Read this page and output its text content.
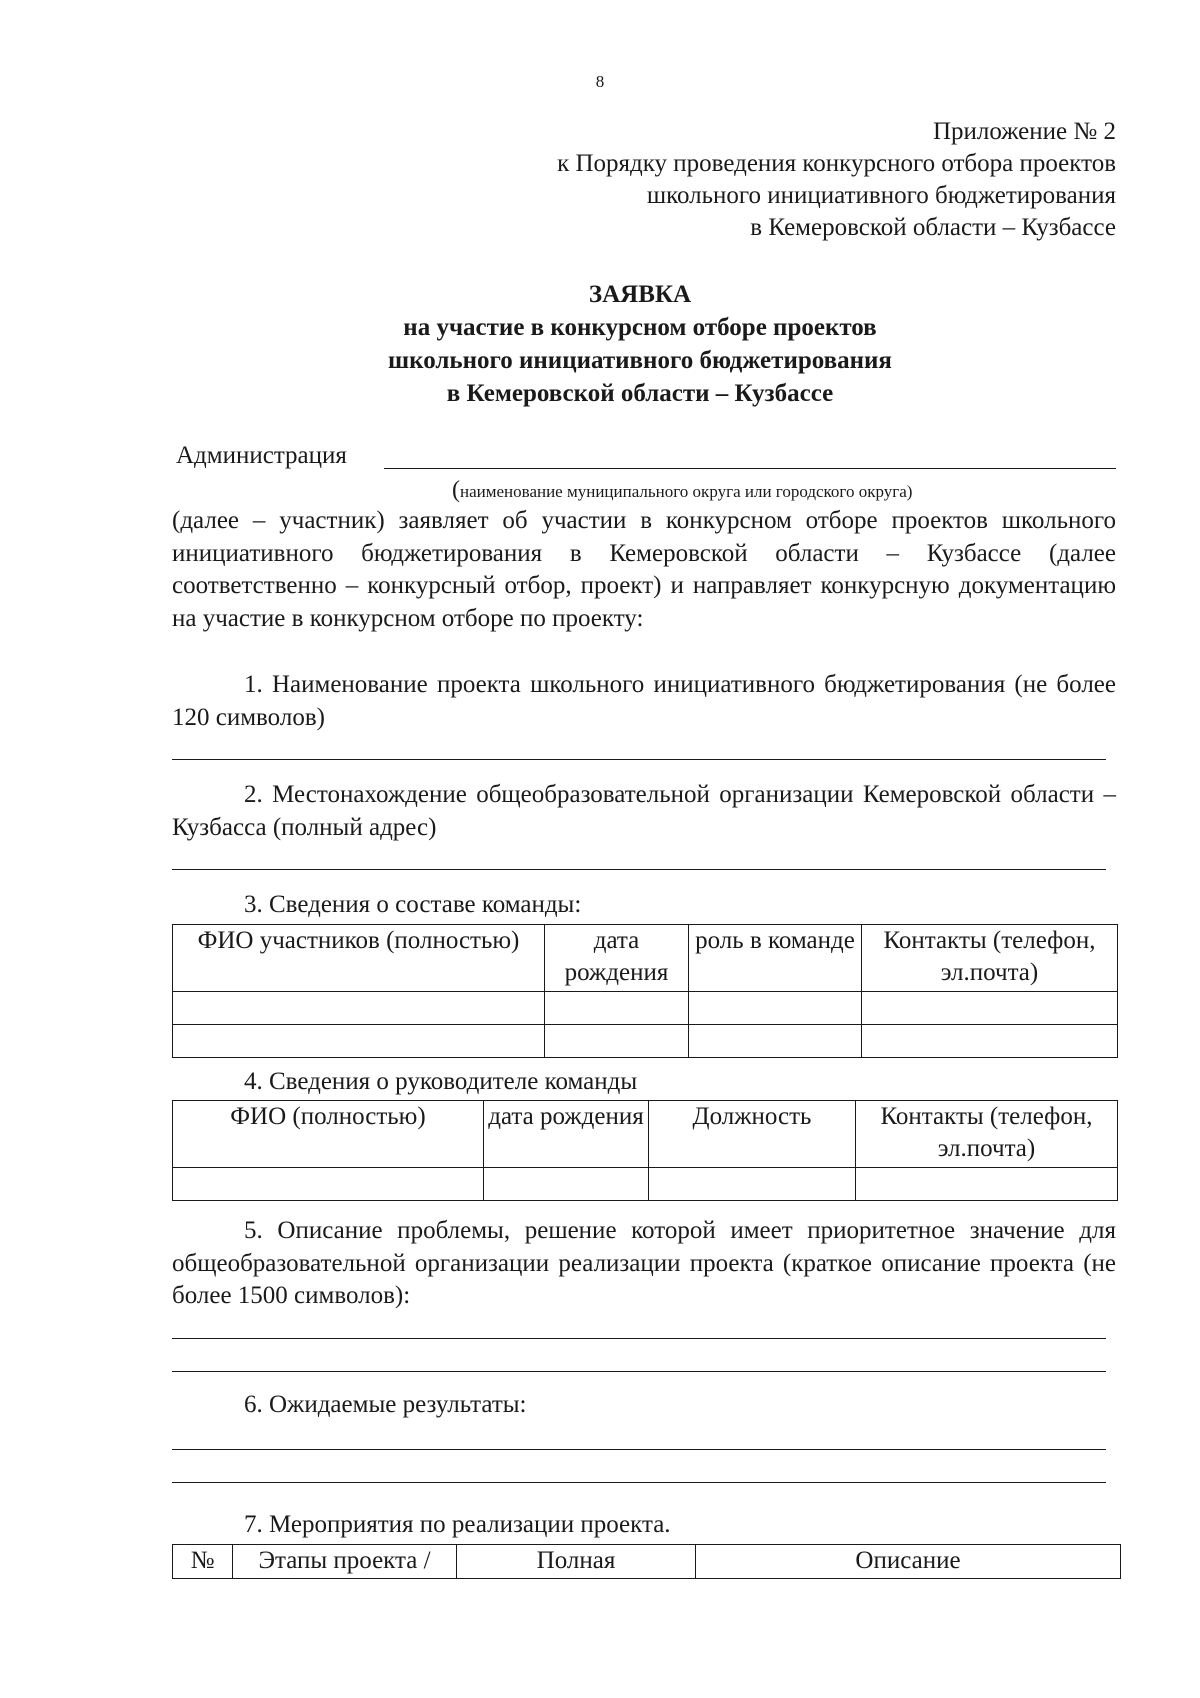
8
Приложение № 2
к Порядку проведения конкурсного отбора проектов
школьного инициативного бюджетирования
в Кемеровской области – Кузбассе
ЗАЯВКА
на участие в конкурсном отборе проектов
школьного инициативного бюджетирования
в Кемеровской области – Кузбассе
Администрация
(наименование муниципального округа или городского округа)
(далее – участник) заявляет об участии в конкурсном отборе проектов школьного инициативного бюджетирования в Кемеровской области – Кузбассе (далее соответственно – конкурсный отбор, проект) и направляет конкурсную документацию на участие в конкурсном отборе по проекту:
1. Наименование проекта школьного инициативного бюджетирования (не более 120 символов)
2. Местонахождение общеобразовательной организации Кемеровской области – Кузбасса (полный адрес)
3. Сведения о составе команды:
ФИО участников (полностью)	дата рождения	роль в команде	Контакты (телефон, эл.почта)

4. Сведения о руководителе команды
ФИО (полностью)	дата рождения	Должность	Контакты (телефон, эл.почта)

5. Описание проблемы, решение которой имеет приоритетное значение для общеобразовательной организации реализации проекта (краткое описание проекта (не более 1500 символов):
6. Ожидаемые результаты:
7. Мероприятия по реализации проекта.
№	Этапы проекта /	Полная	Описание
